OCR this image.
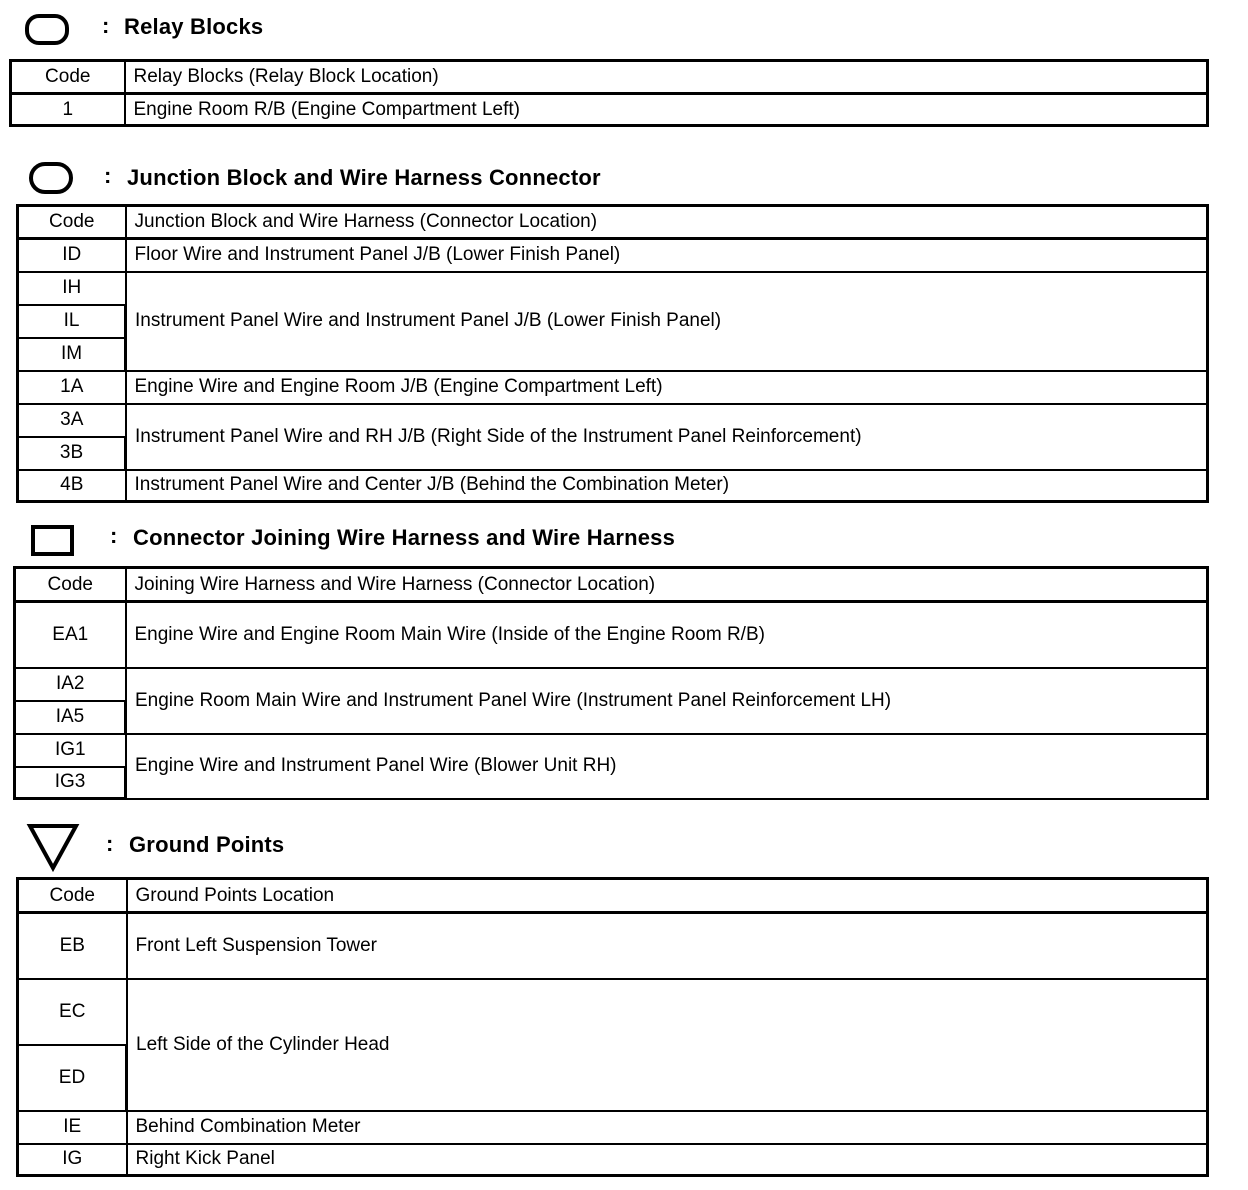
: Relay Blocks
Code	Relay Blocks (Relay Block Location)
1	Engine Room R/B (Engine Compartment Left)
: Junction Block and Wire Harness Connector
Code	Junction Block and Wire Harness (Connector Location)
ID	Floor Wire and Instrument Panel J/B (Lower Finish Panel)
IH	Instrument Panel Wire and Instrument Panel J/B (Lower Finish Panel)
IL	
IM	
1A	Engine Wire and Engine Room J/B (Engine Compartment Left)
3A	Instrument Panel Wire and RH J/B (Right Side of the Instrument Panel Reinforcement)
3B	
4B	Instrument Panel Wire and Center J/B (Behind the Combination Meter)
: Connector Joining Wire Harness and Wire Harness
Code	Joining Wire Harness and Wire Harness (Connector Location)
EA1	Engine Wire and Engine Room Main Wire (Inside of the Engine Room R/B)
IA2	Engine Room Main Wire and Instrument Panel Wire (Instrument Panel Reinforcement LH)
IA5	
IG1	Engine Wire and Instrument Panel Wire (Blower Unit RH)
IG3	
: Ground Points
Code	Ground Points Location
EB	Front Left Suspension Tower
EC	Left Side of the Cylinder Head
ED	
IE	Behind Combination Meter
IG	Right Kick Panel
